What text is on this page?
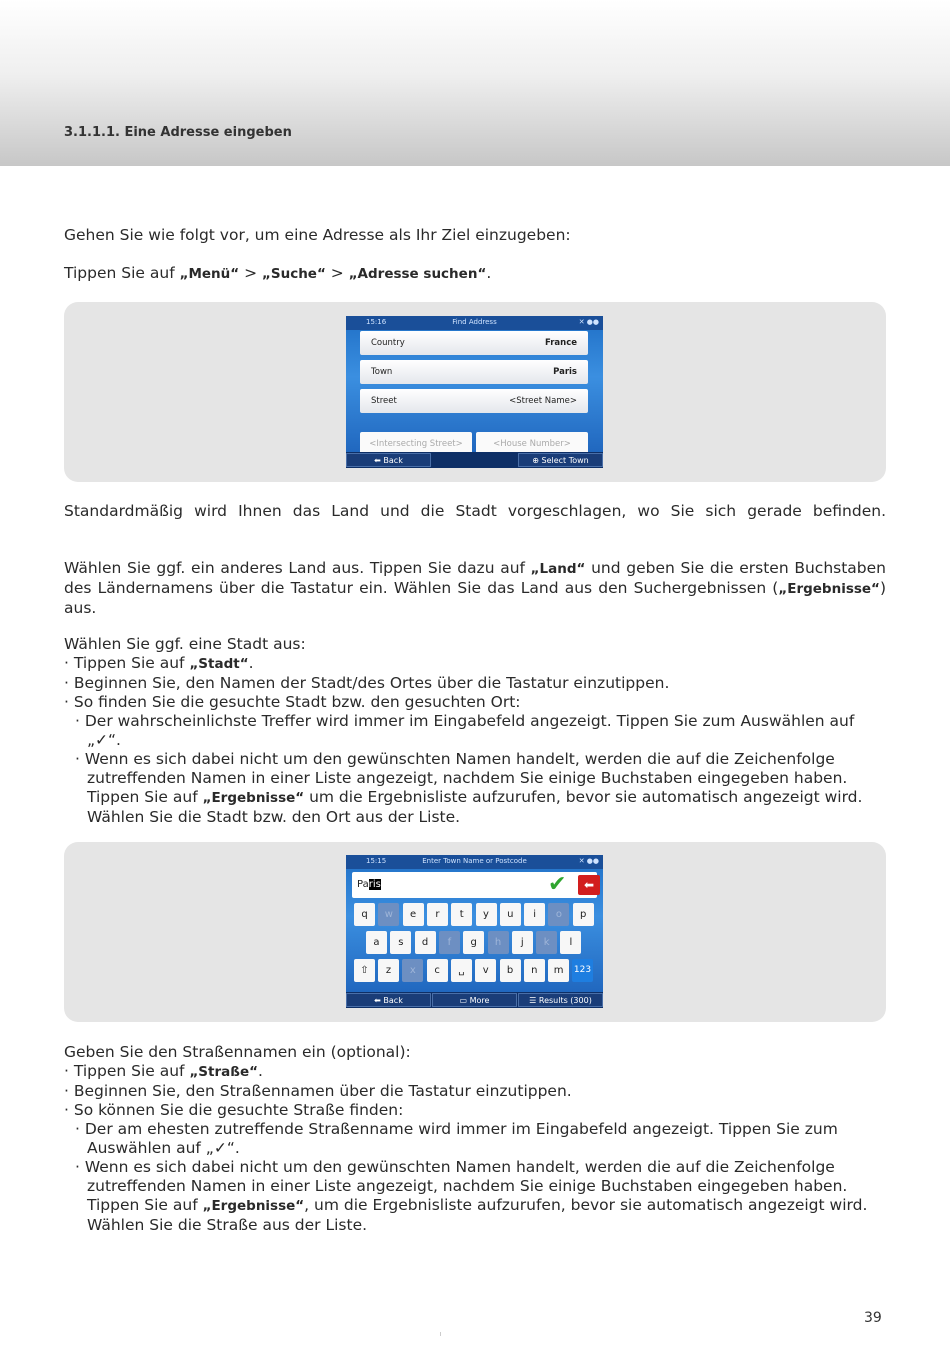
3.1.1.1. Eine Adresse eingeben
Gehen Sie wie folgt vor, um eine Adresse als Ihr Ziel einzugeben:
Tippen Sie auf „Menü“ > „Suche“ > „Adresse suchen“.
15:16	Find Address	✕ ●●
Country	France
Town	Paris
Street	<Street Name>
<Intersecting Street>	<House Number>
⬅ Back	⊕ Select Town
Standardmäßig wird Ihnen das Land und die Stadt vorgeschlagen, wo Sie sich gerade befinden.
Wählen Sie ggf. ein anderes Land aus. Tippen Sie dazu auf „Land“ und geben Sie die ersten Buchstaben des Ländernamens über die Tastatur ein. Wählen Sie das Land aus den Suchergebnissen („Ergebnisse“) aus.
Wählen Sie ggf. eine Stadt aus:
· Tippen Sie auf „Stadt“.
· Beginnen Sie, den Namen der Stadt/des Ortes über die Tastatur einzutippen.
· So finden Sie die gesuchte Stadt bzw. den gesuchten Ort:
· Der wahrscheinlichste Treffer wird immer im Eingabefeld angezeigt. Tippen Sie zum Auswählen auf „✓“.
· Wenn es sich dabei nicht um den gewünschten Namen handelt, werden die auf die Zeichenfolge zutreffenden Namen in einer Liste angezeigt, nachdem Sie einige Buchstaben eingegeben haben. Tippen Sie auf „Ergebnisse“ um die Ergebnisliste aufzurufen, bevor sie automatisch angezeigt wird. Wählen Sie die Stadt bzw. den Ort aus der Liste.
15:15	Enter Town Name or Postcode	✕ ●●
Paris	✔	⬅
q	w	e	r	t	y	u	i	o	p
a	s	d	f	g	h	j	k	l
⇧	z	x	c	␣	v	b	n	m	123
⬅ Back	▭ More	☰ Results (300)
Geben Sie den Straßennamen ein (optional):
· Tippen Sie auf „Straße“.
· Beginnen Sie, den Straßennamen über die Tastatur einzutippen.
· So können Sie die gesuchte Straße finden:
· Der am ehesten zutreffende Straßenname wird immer im Eingabefeld angezeigt. Tippen Sie zum Auswählen auf „✓“.
· Wenn es sich dabei nicht um den gewünschten Namen handelt, werden die auf die Zeichenfolge zutreffenden Namen in einer Liste angezeigt, nachdem Sie einige Buchstaben eingegeben haben. Tippen Sie auf „Ergebnisse“, um die Ergebnisliste aufzurufen, bevor sie automatisch angezeigt wird. Wählen Sie die Straße aus der Liste.
39
